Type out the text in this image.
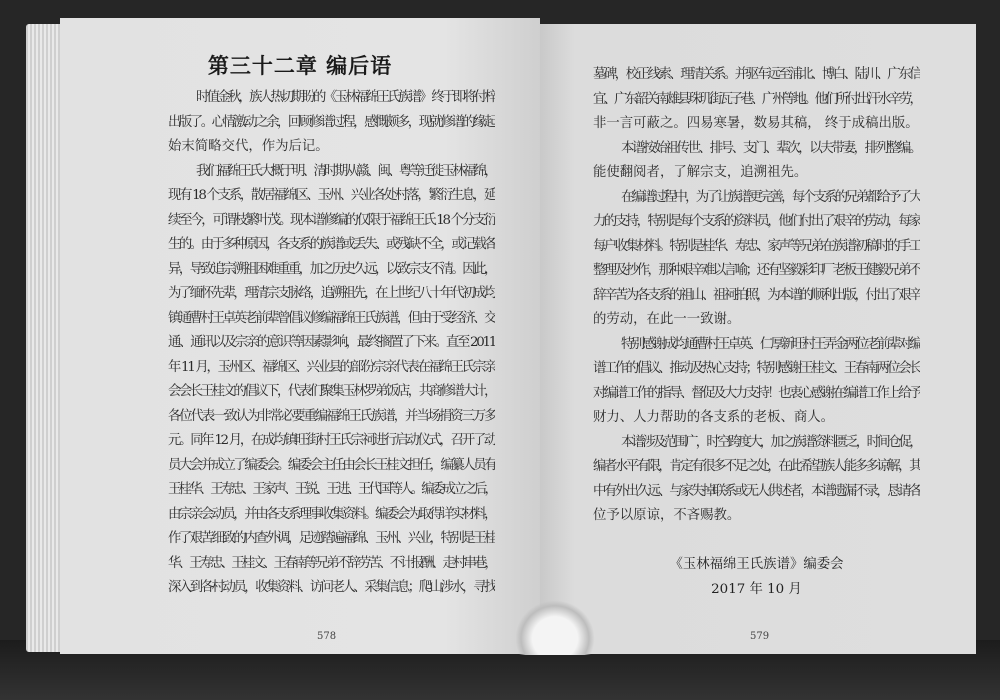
第三十二章 编后语
时值金秋，族人热切期盼的《玉林福绵王氏族谱》 终于即将付梓
出版了。心情激动之余，回顾修谱过程，感慨颇多，现就修谱的缘起
始末简略交代，作为后记。
我们福绵王氏大概于明、清时期从赣、闽、粤等迁徙玉林福绵，
现有 18 个支系，散居福绵区、玉州、兴业各处村落，繁衍生息，延
续至今，可谓枝繁叶茂。现本谱修编的仅限于福绵王氏 18 个分支衍
生的。由于多种原因，各支系的族谱或丢失、或残缺不全，或记载各
异，导致追宗溯祖困难重重，加之历史久远，以致宗支不清。因此，
为了缅怀先辈，理清宗支脉络，追溯祖先，在上世纪八十年代初成均
镇通曹村王卓英老前辈曾倡议修编福绵王氏族谱，但由于受经济、交
通、通讯以及宗亲的意识等因素影响，最终搁置了下来。直至 2011
年 11 月，玉州区、福绵区、兴业县的部份宗亲代表在福绵王氏宗亲
会会长王桂文的倡议下，代表们聚集玉林罗弟饭店，共商修谱大计，
各位代表一致认为非常必要重编福绵王氏族谱，并当场捐资三万多
元。同年 12 月，在成均镇旺街村王氏宗祠进行启动仪式，召开了动
员大会并成立了编委会。编委会主任由会长王桂文担任，编纂人员有
王桂华、王寿忠、王家声、王锐、王进、王代国等人。编委成立之后，
由宗亲会动员，并由各支系理事收集资料。编委会为取得详实材料，
作了艰苦细致的内查外调，足迹踏遍福绵、玉州、兴业，特别是王桂
华、王寿忠、王桂文、王春南等兄弟不辞劳苦、不计报酬、走村串巷，
深入到各村动员，收集资料、访问老人、采集信息；爬山涉水，寻找
墓碑，校正线索、理清关系。并驱车远至浦北、博白、陆川、广东信
宜、广东韶关南雄县珠玑街瓦子巷、广州等地。他们所付出汗水辛劳，
非一言可蔽之。四易寒暑，数易其稿， 终于成稿出版。
本谱按始祖传世、排号、支门、辈次，以夫带妻，排列整编。
能使翻阅者，了解宗支，追溯祖先。
在编谱过程中，为了让族谱更完善，每个支系的兄弟都给予了大
力的支持，特别是每个支系的资料员，他们付出了艰辛的劳动，每家
每户收集材料。特别是桂华、寿忠、家声等兄弟在族谱初稿时的手工
整理及抄作，那种艰辛难以言喻；还有坚毅彩印厂老板王健毅兄弟不
辞辛苦为各支系的祖山、祖祠拍照，为本谱的顺利出版，付出了艰辛
的劳动，在此一一致谢。
特别感谢成均通曹村王卓英、仁厚新旺村王弄金两位老前辈对编
谱工作的倡议、推动及热心支持；特别感谢王桂文、王春南两位会长
对编谱工作的指导、督促及大力支持！也衷心感谢在编谱工作上给予
财力、人力帮助的各支系的老板、商人。
本谱涉及范围广，时空跨度大，加之族谱资料匮乏，时间仓促，
编者水平有限，肯定有很多不足之处，在此希望族人能多多谅解，其
中有外出久远、与家失掉联系或无人供述者，本谱遗漏不录，恳请各
位予以原谅，不吝赐教。
《玉林福绵王氏族谱》编委会
2017 年 10 月
578	579
